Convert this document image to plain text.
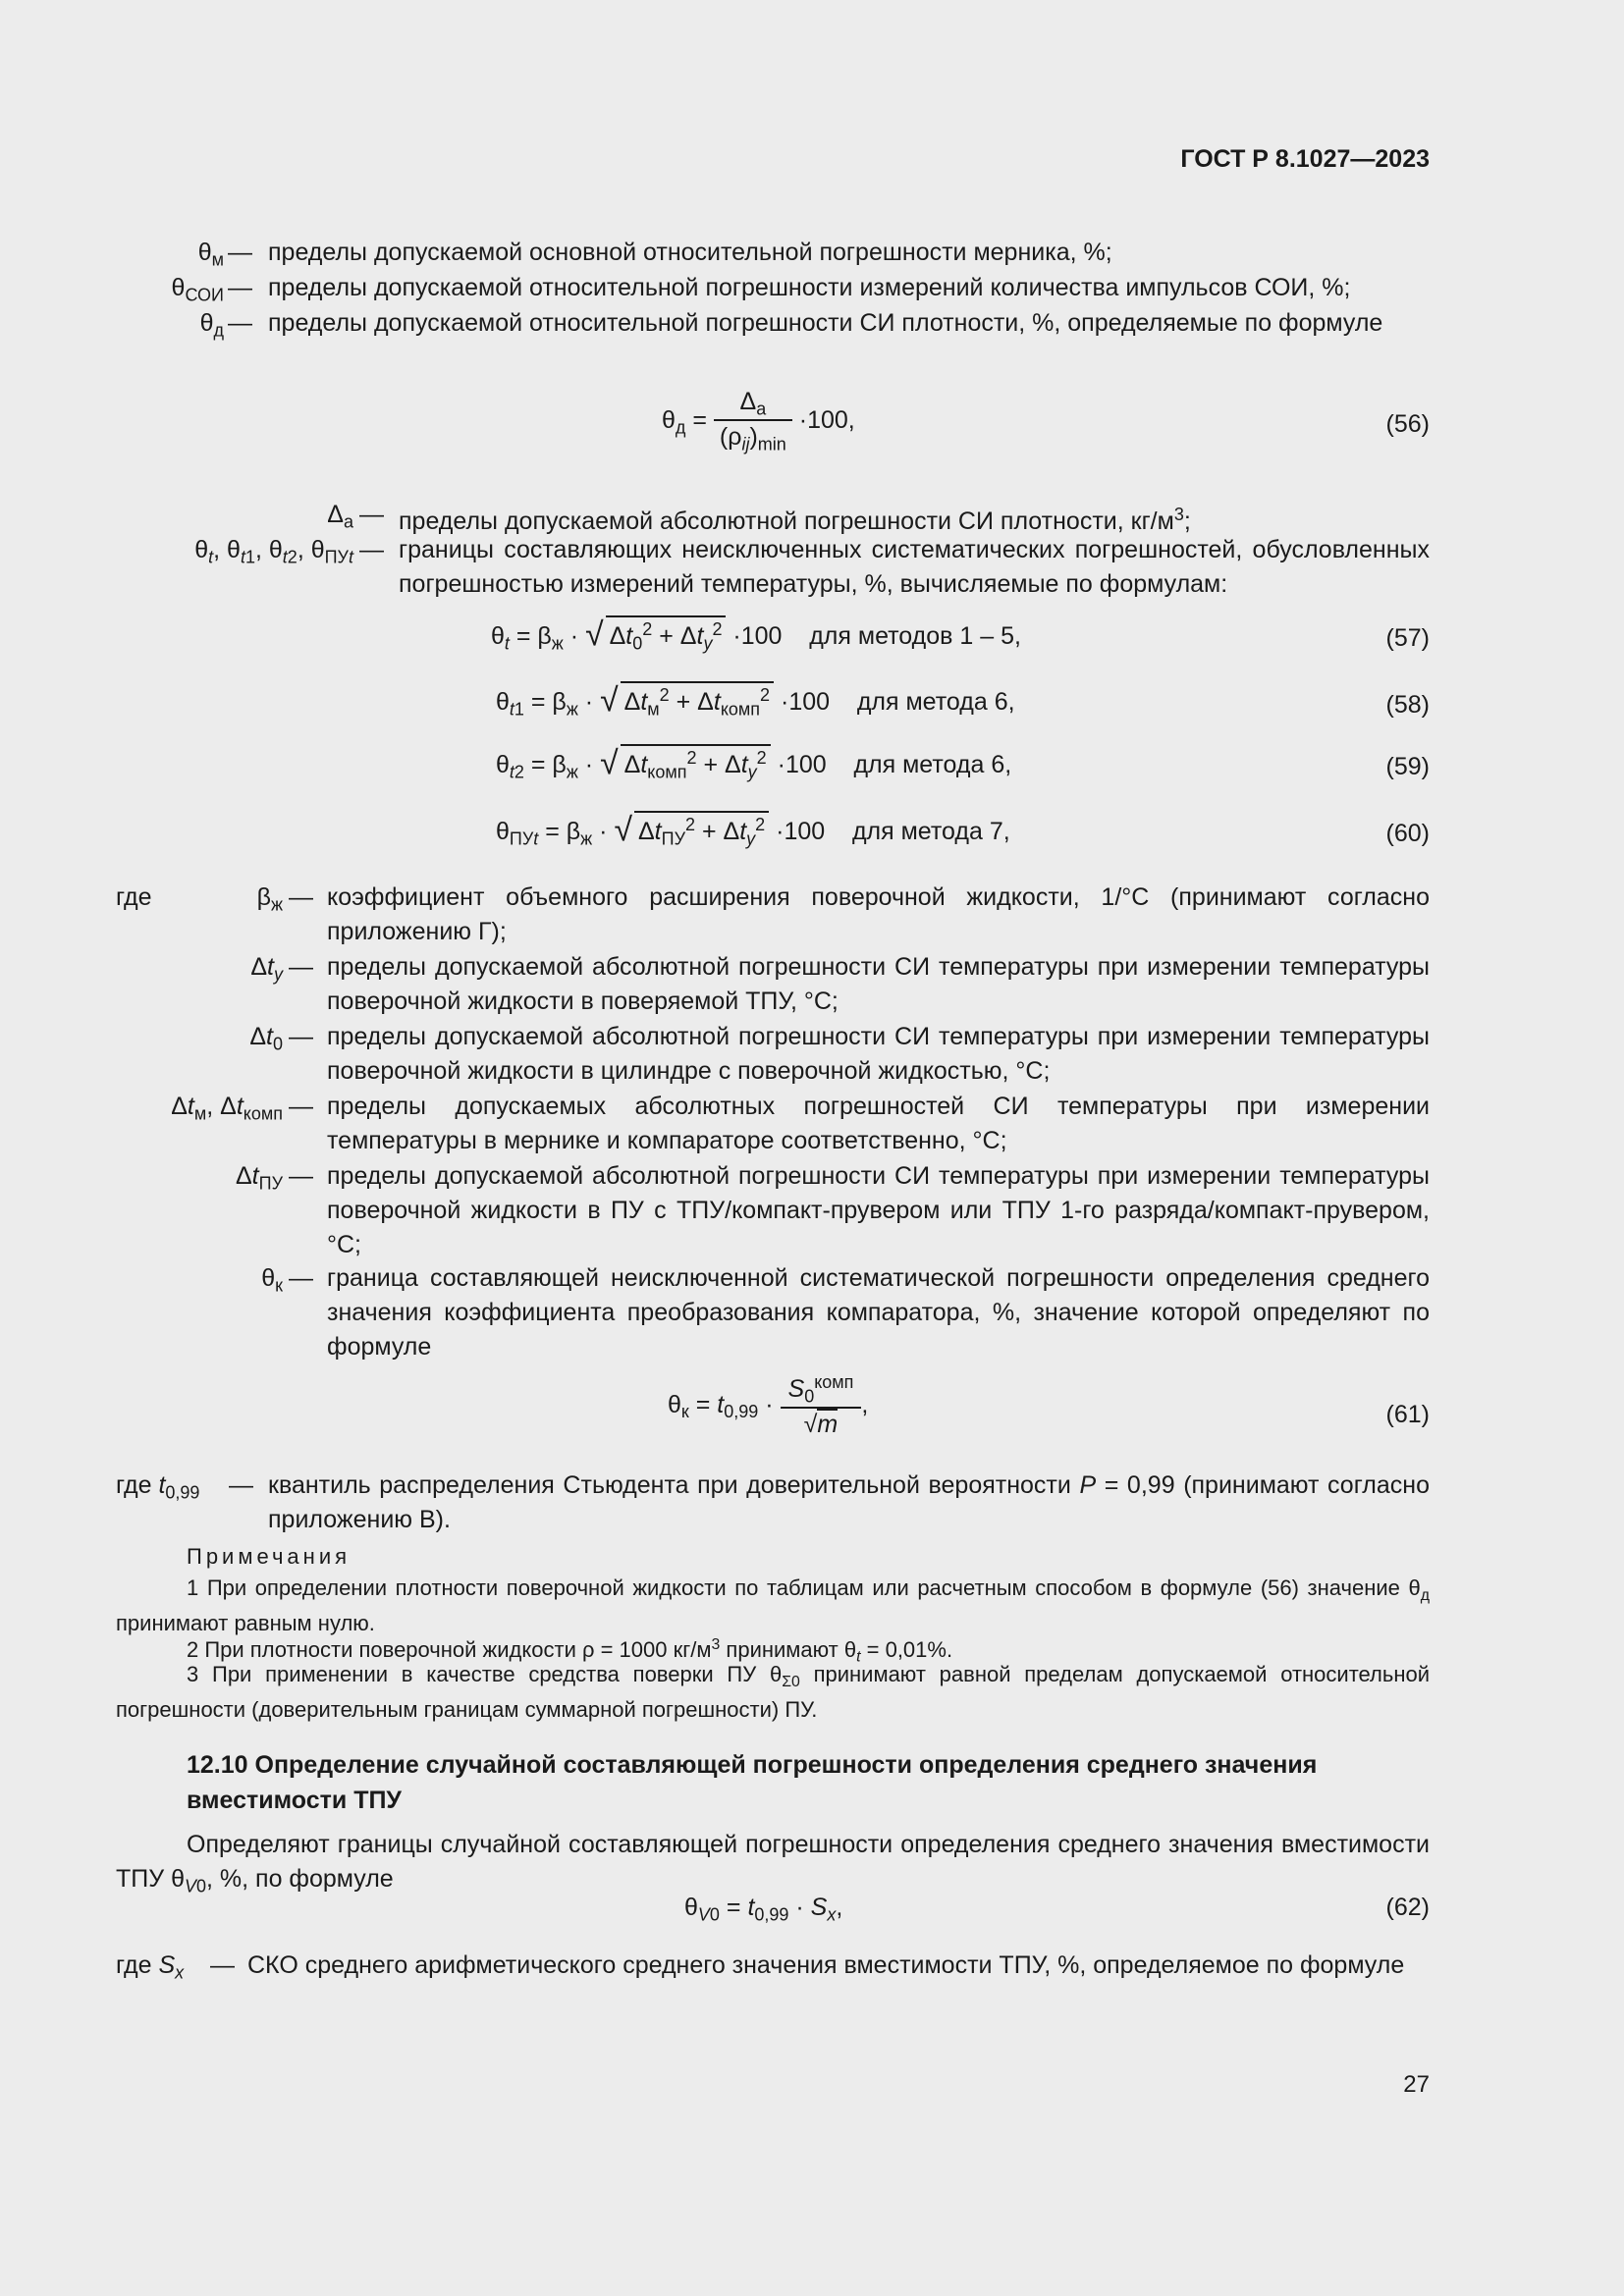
ГОСТ Р 8.1027—2023
$\theta_м$ — пределы допускаемой основной относительной погрешности мерника, %;
$\theta_{СОИ}$ — пределы допускаемой относительной погрешности измерений количества импульсов СОИ, %;
$\theta_д$ — пределы допускаемой относительной погрешности СИ плотности, %, определяемые по формуле
$\theta_д = \frac{\Delta_а}{(\rho_{ij})_{min}} \cdot 100$,	(56)
$\Delta_а$ — пределы допускаемой абсолютной погрешности СИ плотности, $кг/м^3$;
$\theta_t$, $\theta_{t1}$, $\theta_{t2}$, $\theta_{ПУt}$ — границы составляющих неисключенных систематических погрешностей, обусловленных погрешностью измерений температуры, %, вычисляемые по формулам:
$\theta_t = \beta_ж$ · √ $\Delta t_0^2 + \Delta t_y^2 \cdot 100$    для методов 1 – 5,	(57)
$\theta_{t1} = \beta_ж$ · √ $\Delta t_м^2 + \Delta t_{комп}^2 \cdot 100$    для метода 6,	(58)
$\theta_{t2} = \beta_ж$ · √ $\Delta t_{комп}^2 + \Delta t_y^2 \cdot 100$    для метода 6,	(59)
$\theta_{ПУt} = \beta_ж$ · √ $\Delta t_{ПУ}^2 + \Delta t_y^2 \cdot 100$    для метода 7,	(60)
где	$\beta_ж$ — коэффициент объемного расширения поверочной жидкости, 1/°С (принимают согласно приложению Г);
$\Delta t_y$ — пределы допускаемой абсолютной погрешности СИ температуры при измерении температуры поверочной жидкости в поверяемой ТПУ, °С;
$\Delta t_0$ — пределы допускаемой абсолютной погрешности СИ температуры при измерении температуры поверочной жидкости в цилиндре с поверочной жидкостью, °С;
$\Delta t_м$, $\Delta t_{комп}$ — пределы допускаемых абсолютных погрешностей СИ температуры при измерении температуры в мернике и компараторе соответственно, °С;
$\Delta t_{ПУ}$ — пределы допускаемой абсолютной погрешности СИ температуры при измерении температуры поверочной жидкости в ПУ с ТПУ/компакт-прувером или ТПУ 1-го разряда/компакт-прувером, °С;
$\theta_к$ — граница составляющей неисключенной систематической погрешности определения среднего значения коэффициента преобразования компаратора, %, значение которой определяют по формуле
$\theta_к = t_{0,99} \cdot \frac{S_0^{комп}}{√m}$ ,	(61)
где $t_{0,99}$ — квантиль распределения Стьюдента при доверительной вероятности P = 0,99 (принимают согласно приложению В).
Примечания
1 При определении плотности поверочной жидкости по таблицам или расчетным способом в формуле (56) значение $\theta_д$ принимают равным нулю.
2 При плотности поверочной жидкости ρ = 1000 $кг/м^3$ принимают $\theta_t = 0,01\%$.
3 При применении в качестве средства поверки ПУ $\theta_{\Sigma 0}$ принимают равной пределам допускаемой относительной погрешности (доверительным границам суммарной погрешности) ПУ.
12.10 Определение случайной составляющей погрешности определения среднего значения вместимости ТПУ
Определяют границы случайной составляющей погрешности определения среднего значения вместимости ТПУ $\theta_{V0}$, %, по формуле
$\theta_{V0} = t_{0,99} \cdot S_x$,	(62)
где $S_x$ — СКО среднего арифметического среднего значения вместимости ТПУ, %, определяемое по формуле
27
